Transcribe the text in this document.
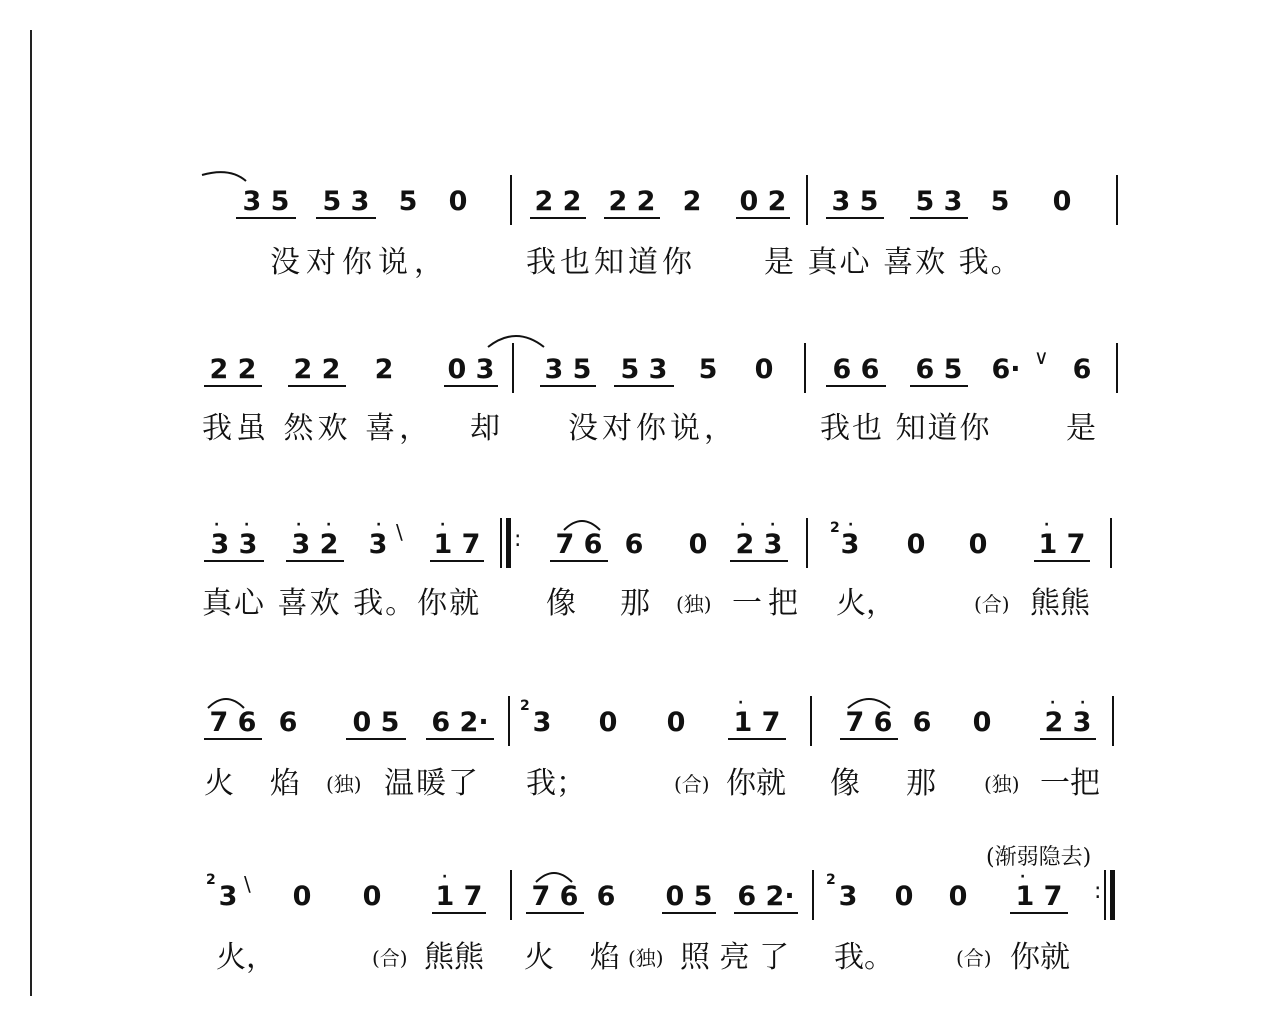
3 5 5 3 5 0 2 2 2 2 2 0 2 3 5 5 3 5 0
没对你说，	我也知道你 是 真心 喜欢 我。
2 2 2 2 2 0 3 3 5 5 3 5 0 6 6 6 5 6· ∨ 6
我虽 然欢 喜， 却 没对你说，	我也 知道你 是
3 3
· ·
3 2
· ·
3
· \ 1 7
·
: 7 6 6 0 2 3
· ·	2
3
·
0 0 1 7
·
真心 喜欢 我。你就 像 那 (独) 一把 火，	(合) 熊熊
7 6 6 0 5 6 2·
2
3 0 0 1 7
·
7 6 6 0 2 3
· ·
火 焰 (独) 温暖了 我；	(合) 你就 像 那 (独) 一把
(渐弱隐去)
2
3 \ 0 0 1 7
·
7 6 6 0 5 6 2·
2
3 0 0 1 7
·
:
火，	(合) 熊熊 火 焰 (独) 照 亮 了 我。	(合) 你就
